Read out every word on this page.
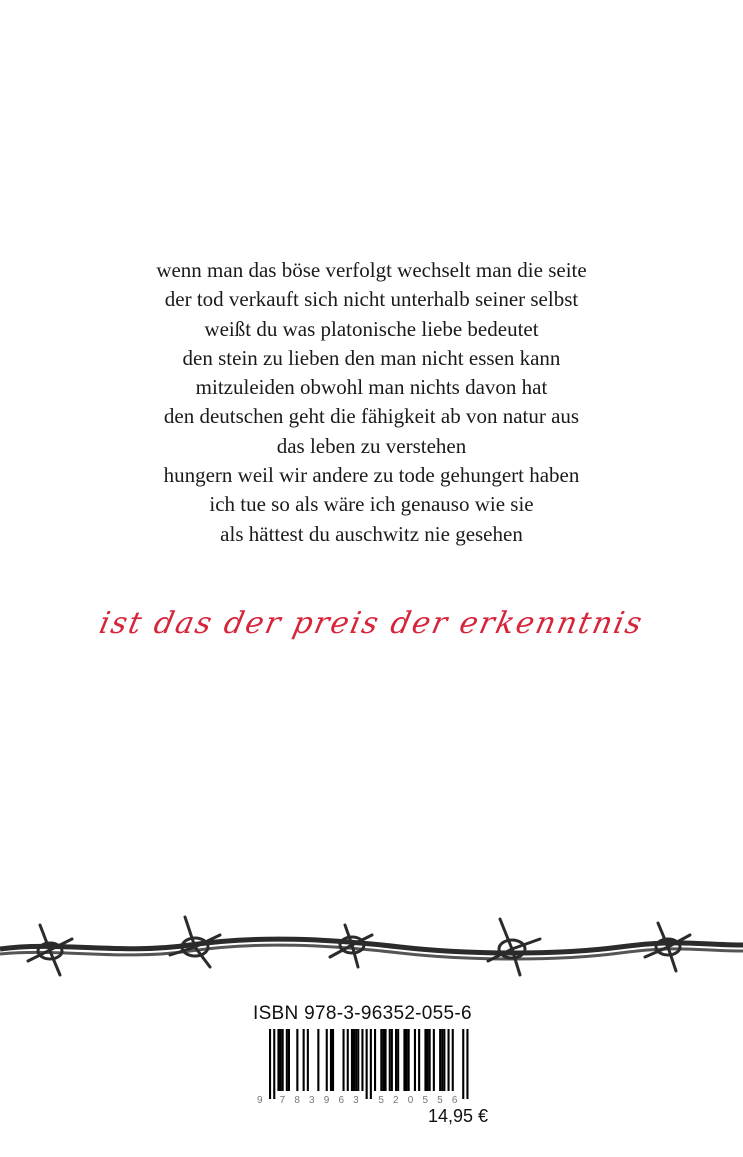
wenn man das böse verfolgt wechselt man die seite
der tod verkauft sich nicht unterhalb seiner selbst
weißt du was platonische liebe bedeutet
den stein zu lieben den man nicht essen kann
mitzuleiden obwohl man nichts davon hat
den deutschen geht die fähigkeit ab von natur aus
das leben zu verstehen
hungern weil wir andere zu tode gehungert haben
ich tue so als wäre ich genauso wie sie
als hättest du auschwitz nie gesehen
ist das der preis der erkenntnis
ISBN 978-3-96352-055-6
9 7 8 3 9 6 3 5 2 0 5 5 6
14,95 €
